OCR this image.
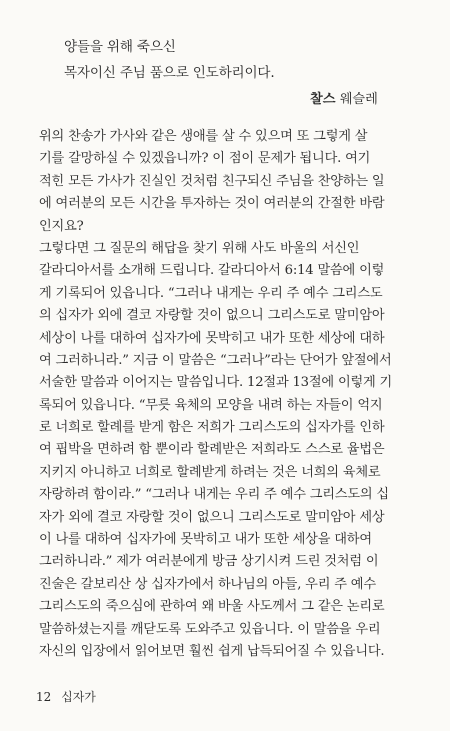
양들을 위해 죽으신
목자이신 주님 품으로 인도하리이다.
찰스 웨슬레
위의 찬송가 가사와 같은 생애를 살 수 있으며 또 그렇게 살
기를 갈망하실 수 있겠읍니까? 이 점이 문제가 됩니다. 여기
적힌 모든 가사가 진실인 것처럼 친구되신 주님을 찬양하는 일
에 여러분의 모든 시간을 투자하는 것이 여러분의 간절한 바람
인지요?
그렇다면 그 질문의 해답을 찾기 위해 사도 바울의 서신인
갈라디아서를 소개해 드립니다. 갈라디아서 6:14 말씀에 이렇
게 기록되어 있읍니다. “그러나 내게는 우리 주 예수 그리스도
의 십자가 외에 결코 자랑할 것이 없으니 그리스도로 말미암아
세상이 나를 대하여 십자가에 못박히고 내가 또한 세상에 대하
여 그러하니라.” 지금 이 말씀은 “그러나”라는 단어가 앞절에서
서술한 말씀과 이어지는 말씀입니다. 12절과 13절에 이렇게 기
록되어 있읍니다. “무릇 육체의 모양을 내려 하는 자들이 억지
로 너희로 할례를 받게 함은 저희가 그리스도의 십자가를 인하
여 핍박을 면하려 함 뿐이라 할례받은 저희라도 스스로 율법은
지키지 아니하고 너희로 할례받게 하려는 것은 너희의 육체로
자랑하려 함이라.” “그러나 내게는 우리 주 예수 그리스도의 십
자가 외에 결코 자랑할 것이 없으니 그리스도로 말미암아 세상
이 나를 대하여 십자가에 못박히고 내가 또한 세상을 대하여
그러하니라.” 제가 여러분에게 방금 상기시켜 드린 것처럼 이
진술은 갈보리산 상 십자가에서 하나님의 아들, 우리 주 예수
그리스도의 죽으심에 관하여 왜 바울 사도께서 그 같은 논리로
말씀하셨는지를 깨닫도록 도와주고 있읍니다. 이 말씀을 우리
자신의 입장에서 읽어보면 훨씬 쉽게 납득되어질 수 있읍니다.
12 십자가
